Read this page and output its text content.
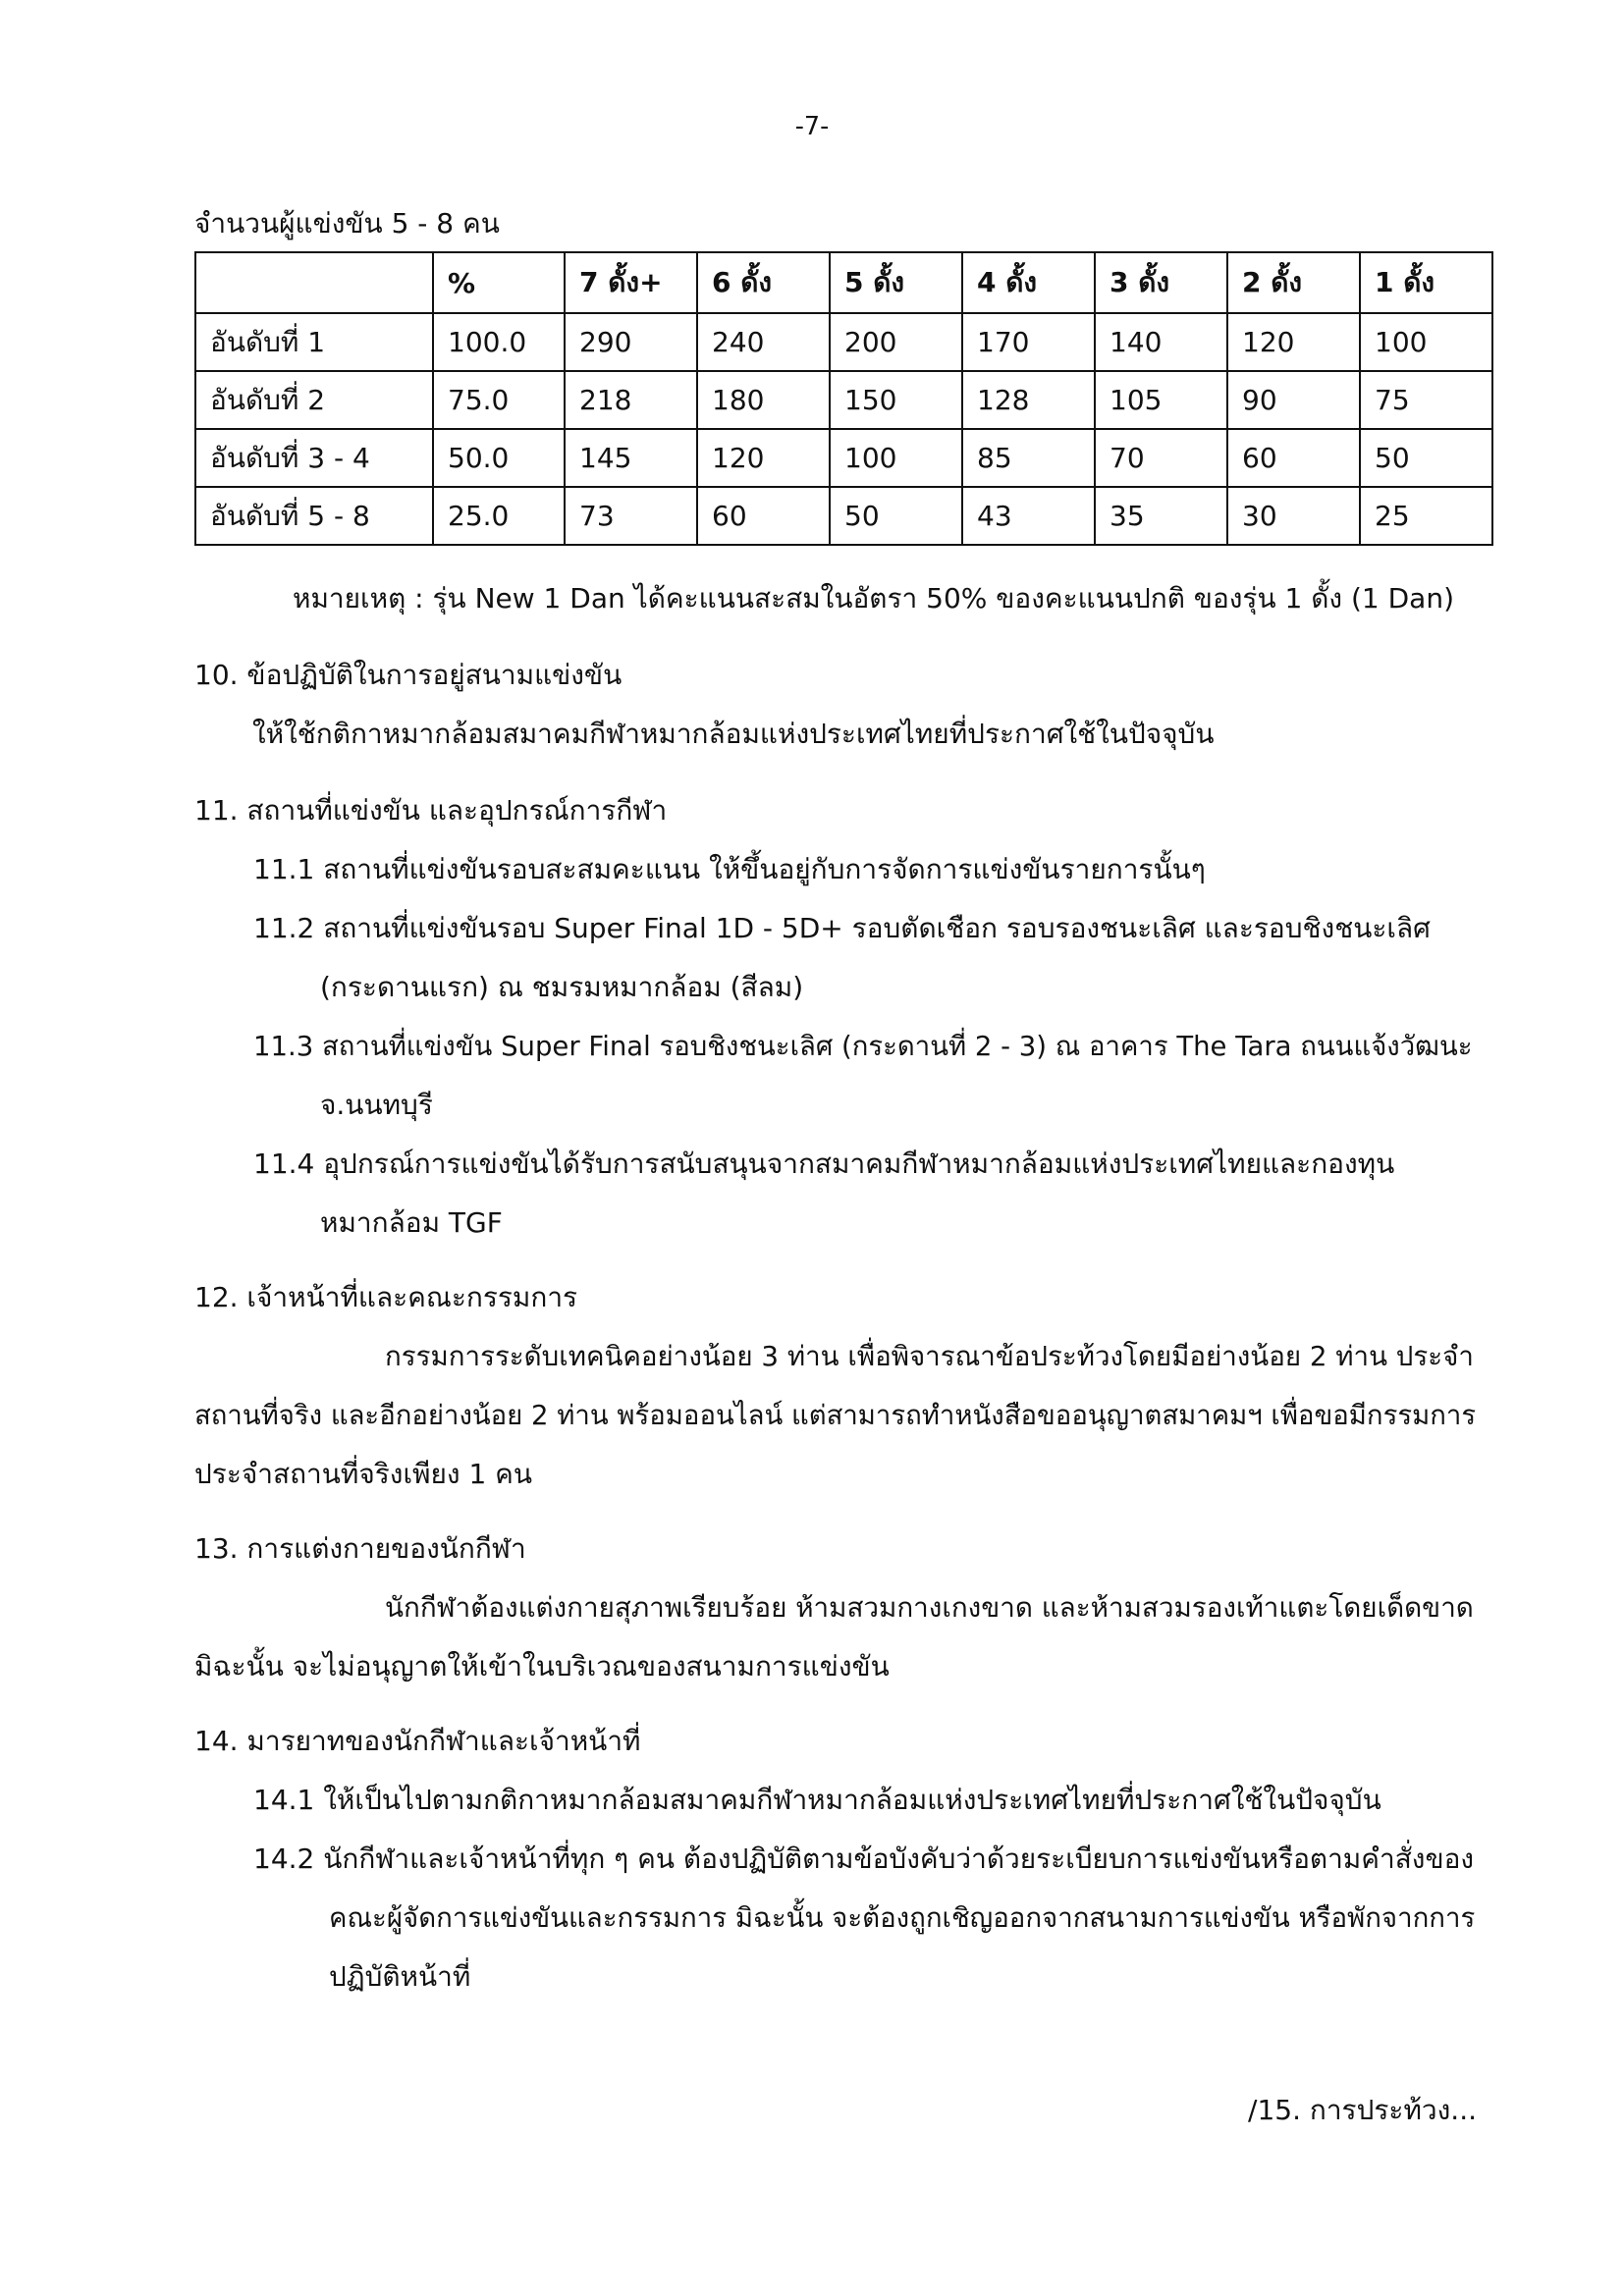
-7-
จำนวนผู้แข่งขัน 5 - 8 คน
	%	7 ดั้ง+	6 ดั้ง	5 ดั้ง	4 ดั้ง	3 ดั้ง	2 ดั้ง	1 ดั้ง
อันดับที่ 1	100.0	290	240	200	170	140	120	100
อันดับที่ 2	75.0	218	180	150	128	105	90	75
อันดับที่ 3 - 4	50.0	145	120	100	85	70	60	50
อันดับที่ 5 - 8	25.0	73	60	50	43	35	30	25
หมายเหตุ : รุ่น New 1 Dan ได้คะแนนสะสมในอัตรา 50% ของคะแนนปกติ ของรุ่น 1 ดั้ง (1 Dan)
10. ข้อปฏิบัติในการอยู่สนามแข่งขัน
ให้ใช้กติกาหมากล้อมสมาคมกีฬาหมากล้อมแห่งประเทศไทยที่ประกาศใช้ในปัจจุบัน
11. สถานที่แข่งขัน และอุปกรณ์การกีฬา
11.1 สถานที่แข่งขันรอบสะสมคะแนน ให้ขึ้นอยู่กับการจัดการแข่งขันรายการนั้นๆ
11.2 สถานที่แข่งขันรอบ Super Final 1D - 5D+ รอบตัดเชือก รอบรองชนะเลิศ และรอบชิงชนะเลิศ
(กระดานแรก) ณ ชมรมหมากล้อม (สีลม)
11.3 สถานที่แข่งขัน Super Final รอบชิงชนะเลิศ (กระดานที่ 2 - 3) ณ อาคาร The Tara ถนนแจ้งวัฒนะ
จ.นนทบุรี
11.4 อุปกรณ์การแข่งขันได้รับการสนับสนุนจากสมาคมกีฬาหมากล้อมแห่งประเทศไทยและกองทุน
หมากล้อม TGF
12. เจ้าหน้าที่และคณะกรรมการ
กรรมการระดับเทคนิคอย่างน้อย 3 ท่าน เพื่อพิจารณาข้อประท้วงโดยมีอย่างน้อย 2 ท่าน ประจำ
สถานที่จริง และอีกอย่างน้อย 2 ท่าน พร้อมออนไลน์ แต่สามารถทำหนังสือขออนุญาตสมาคมฯ เพื่อขอมีกรรมการ
ประจำสถานที่จริงเพียง 1 คน
13. การแต่งกายของนักกีฬา
นักกีฬาต้องแต่งกายสุภาพเรียบร้อย ห้ามสวมกางเกงขาด และห้ามสวมรองเท้าแตะโดยเด็ดขาด
มิฉะนั้น จะไม่อนุญาตให้เข้าในบริเวณของสนามการแข่งขัน
14. มารยาทของนักกีฬาและเจ้าหน้าที่
14.1 ให้เป็นไปตามกติกาหมากล้อมสมาคมกีฬาหมากล้อมแห่งประเทศไทยที่ประกาศใช้ในปัจจุบัน
14.2 นักกีฬาและเจ้าหน้าที่ทุก ๆ คน ต้องปฏิบัติตามข้อบังคับว่าด้วยระเบียบการแข่งขันหรือตามคำสั่งของ
คณะผู้จัดการแข่งขันและกรรมการ มิฉะนั้น จะต้องถูกเชิญออกจากสนามการแข่งขัน หรือพักจากการ
ปฏิบัติหน้าที่
/15. การประท้วง...
